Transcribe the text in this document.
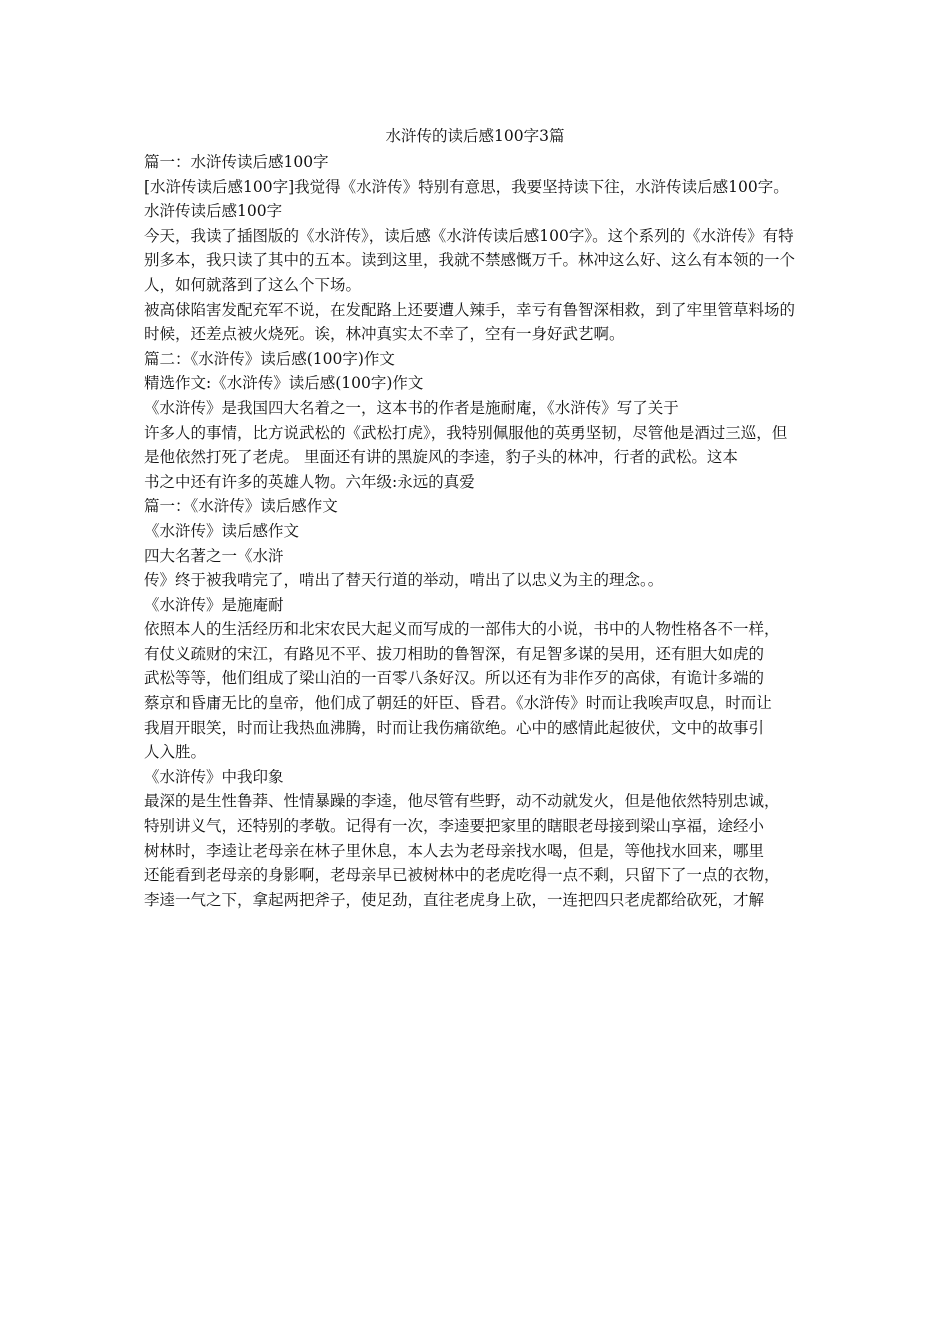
水浒传的读后感100字3篇

篇一：水浒传读后感100字

[水浒传读后感100字]我觉得《水浒传》特别有意思，我要坚持读下往，水浒传读后感100字。

水浒传读后感100字

今天，我读了插图版的《水浒传》，读后感《水浒传读后感100字》。这个系列的《水浒传》有特别多本，我只读了其中的五本。读到这里，我就不禁感慨万千。林冲这么好、这么有本领的一个人，如何就落到了这么个下场。

被高俅陷害发配充军不说，在发配路上还要遭人辣手，幸亏有鲁智深相救，到了牢里管草料场的时候，还差点被火烧死。诶，林冲真实太不幸了，空有一身好武艺啊。

篇二：《水浒传》读后感(100字)作文

精选作文:《水浒传》读后感(100字)作文

《水浒传》是我国四大名着之一，这本书的作者是施耐庵，《水浒传》写了关于

许多人的事情，比方说武松的《武松打虎》，我特别佩服他的英勇坚韧，尽管他是酒过三巡，但

是他依然打死了老虎。 里面还有讲的黑旋风的李逵，豹子头的林冲，行者的武松。这本

书之中还有许多的英雄人物。六年级:永远的真爱

篇一：《水浒传》读后感作文

《水浒传》读后感作文

四大名著之一《水浒

传》终于被我啃完了，啃出了替天行道的举动，啃出了以忠义为主的理念。。

《水浒传》是施庵耐

依照本人的生活经历和北宋农民大起义而写成的一部伟大的小说，书中的人物性格各不一样，

有仗义疏财的宋江，有路见不平、拔刀相助的鲁智深，有足智多谋的吴用，还有胆大如虎的

武松等等，他们组成了梁山泊的一百零八条好汉。所以还有为非作歹的高俅，有诡计多端的

蔡京和昏庸无比的皇帝，他们成了朝廷的奸臣、昏君。《水浒传》时而让我唉声叹息，时而让

我眉开眼笑，时而让我热血沸腾，时而让我伤痛欲绝。心中的感情此起彼伏，文中的故事引

人入胜。

《水浒传》中我印象

最深的是生性鲁莽、性情暴躁的李逵，他尽管有些野，动不动就发火，但是他依然特别忠诚，

特别讲义气，还特别的孝敬。记得有一次，李逵要把家里的瞎眼老母接到梁山享福，途经小

树林时，李逵让老母亲在林子里休息，本人去为老母亲找水喝，但是，等他找水回来，哪里

还能看到老母亲的身影啊，老母亲早已被树林中的老虎吃得一点不剩，只留下了一点的衣物，

李逵一气之下，拿起两把斧子，使足劲，直往老虎身上砍，一连把四只老虎都给砍死，才解
